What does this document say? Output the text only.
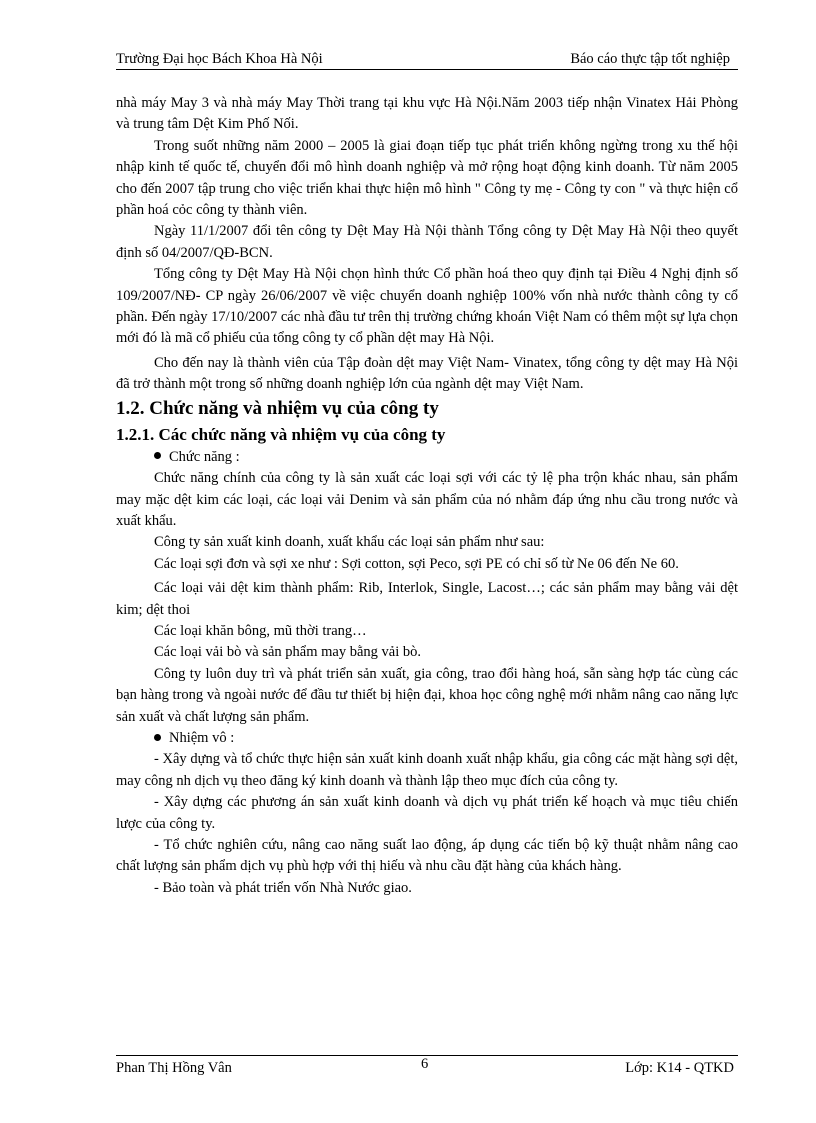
Trường Đại học Bách Khoa Hà Nội	Báo cáo thực tập tốt nghiệp

nhà máy May 3 và nhà máy May Thời trang tại khu vực Hà Nội.Năm 2003 tiếp nhận Vinatex Hải Phòng và trung tâm Dệt Kim Phố Nối.

Trong suốt những năm 2000 – 2005 là giai đoạn tiếp tục phát triển không ngừng trong xu thế hội nhập kinh tế quốc tế, chuyển đổi mô hình doanh nghiệp và mở rộng hoạt động kinh doanh. Từ năm 2005 cho đến 2007 tập trung cho việc triển khai thực hiện mô hình " Công ty mẹ - Công ty con " và thực hiện cổ phần hoá cỏc công ty thành viên.

Ngày 11/1/2007 đổi tên công ty Dệt May Hà Nội thành Tổng công ty Dệt May Hà Nội theo quyết định số 04/2007/QĐ-BCN.

Tổng công ty Dệt May Hà Nội chọn hình thức Cổ phần hoá theo quy định tại Điều 4 Nghị định số 109/2007/NĐ- CP ngày 26/06/2007 về việc chuyển doanh nghiệp 100% vốn nhà nước thành công ty cổ phần. Đến ngày 17/10/2007 các nhà đầu tư trên thị trường chứng khoán Việt Nam có thêm một sự lựa chọn mới đó là mã cổ phiếu của tổng công ty cổ phần dệt may Hà Nội.

Cho đến nay là thành viên của Tập đoàn dệt may Việt Nam- Vinatex, tổng công ty dệt may Hà Nội đã trở thành một trong số những doanh nghiệp lớn của ngành dệt may Việt Nam.

1.2. Chức năng và nhiệm vụ của công ty

1.2.1. Các chức năng và nhiệm vụ của công ty

Chức năng :

Chức năng chính của công ty là sản xuất các loại sợi với các tỷ lệ pha trộn khác nhau, sản phẩm may mặc dệt kim các loại, các loại vải Denim và sản phẩm của nó nhằm đáp ứng nhu cầu trong nước và xuất khẩu.

Công ty sản xuất kinh doanh, xuất khẩu các loại sản phẩm như sau:

Các loại sợi đơn và sợi xe như : Sợi cotton, sợi Peco, sợi PE có chỉ số từ Ne 06 đến Ne 60.

Các loại vải dệt kim thành phẩm: Rib, Interlok, Single, Lacost…; các sản phẩm may bằng vải dệt kim; dệt thoi

Các loại khăn bông, mũ thời trang…

Các loại vải bò và sản phẩm may bằng vải bò.

Công ty luôn duy trì và phát triển sản xuất, gia công, trao đổi hàng hoá, sẵn sàng hợp tác cùng các bạn hàng trong và ngoài nước để đầu tư thiết bị hiện đại, khoa học công nghệ mới nhằm nâng cao năng lực sản xuất và chất lượng sản phẩm.

Nhiệm vô :

- Xây dựng và tổ chức thực hiện sản xuất kinh doanh xuất nhập khẩu, gia công các mặt hàng sợi dệt, may công nh dịch vụ theo đăng ký kinh doanh và thành lập theo mục đích của công ty.

- Xây dựng các phương án sản xuất kinh doanh và dịch vụ phát triển kế hoạch và mục tiêu chiến lược của công ty.

- Tổ chức nghiên cứu, nâng cao năng suất lao động, áp dụng các tiến bộ kỹ thuật nhằm nâng cao chất lượng sản phẩm dịch vụ phù hợp với thị hiếu và nhu cầu đặt hàng của khách hàng.

- Bảo toàn và phát triển vốn Nhà Nước giao.

Phan Thị Hồng Vân	6	Lớp: K14 - QTKD
